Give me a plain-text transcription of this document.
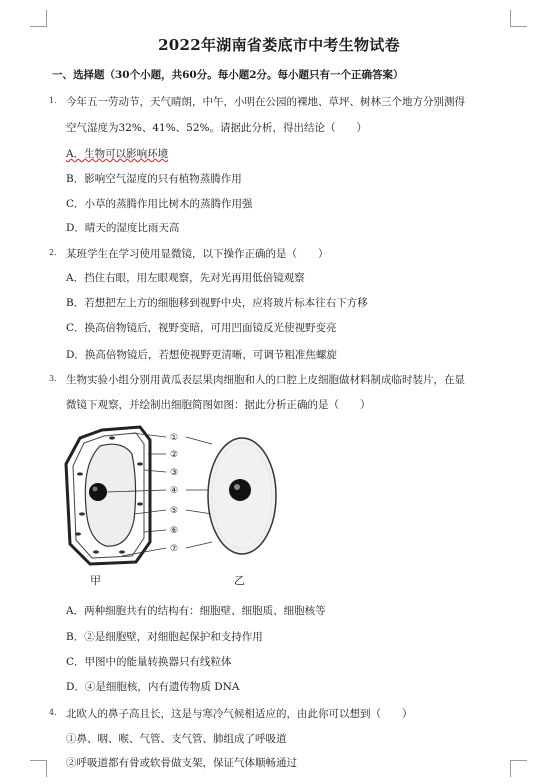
2022年湖南省娄底市中考生物试卷
一、选择题（30个小题，共60分。每小题2分。每小题只有一个正确答案）
1. 今年五一劳动节，天气晴朗，中午，小明在公园的裸地、草坪、树林三个地方分别测得
空气湿度为32%、41%、52%。请据此分析，得出结论（　　）
A．生物可以影响环境
B．影响空气湿度的只有植物蒸腾作用
C．小草的蒸腾作用比树木的蒸腾作用强
D．晴天的湿度比雨天高
2. 某班学生在学习使用显微镜，以下操作正确的是（　　）
A．挡住右眼，用左眼观察，先对光再用低倍镜观察
B．若想把左上方的细胞移到视野中央，应将玻片标本往右下方移
C．换高倍物镜后，视野变暗，可用凹面镜反光使视野变亮
D．换高倍物镜后，若想使视野更清晰，可调节粗准焦螺旋
3. 生物实验小组分别用黄瓜表层果肉细胞和人的口腔上皮细胞做材料制成临时装片，在显
微镜下观察，并绘制出细胞简图如图：据此分析正确的是（　　）
①
②
③
④
⑤
⑥
⑦
甲	乙
A．两种细胞共有的结构有：细胞壁、细胞质、细胞核等
B．②是细胞壁，对细胞起保护和支持作用
C．甲图中的能量转换器只有线粒体
D．④是细胞核，内有遗传物质 DNA
4. 北欧人的鼻子高且长，这是与寒冷气候相适应的，由此你可以想到（　　）
①鼻、咽、喉、气管、支气管、肺组成了呼吸道
②呼吸道都有骨或软骨做支架，保证气体顺畅通过
